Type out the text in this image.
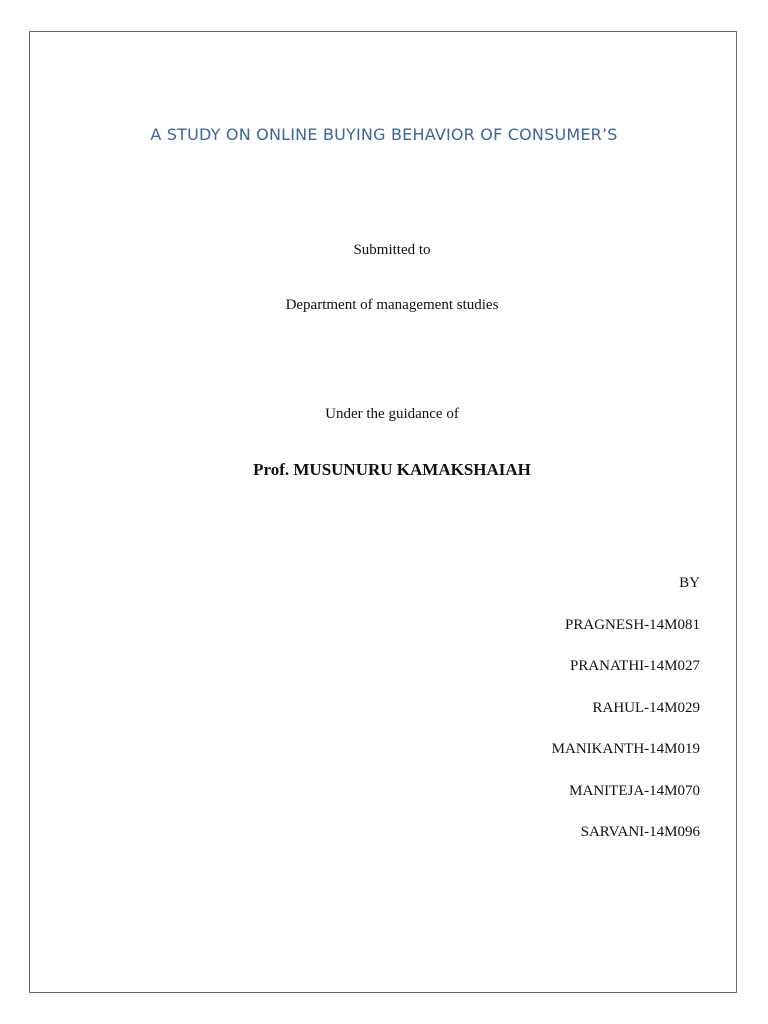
A STUDY ON ONLINE BUYING BEHAVIOR OF CONSUMER’S
Submitted to
Department of management studies
Under the guidance of
Prof. MUSUNURU KAMAKSHAIAH
BY
PRAGNESH-14M081
PRANATHI-14M027
RAHUL-14M029
MANIKANTH-14M019
MANITEJA-14M070
SARVANI-14M096
